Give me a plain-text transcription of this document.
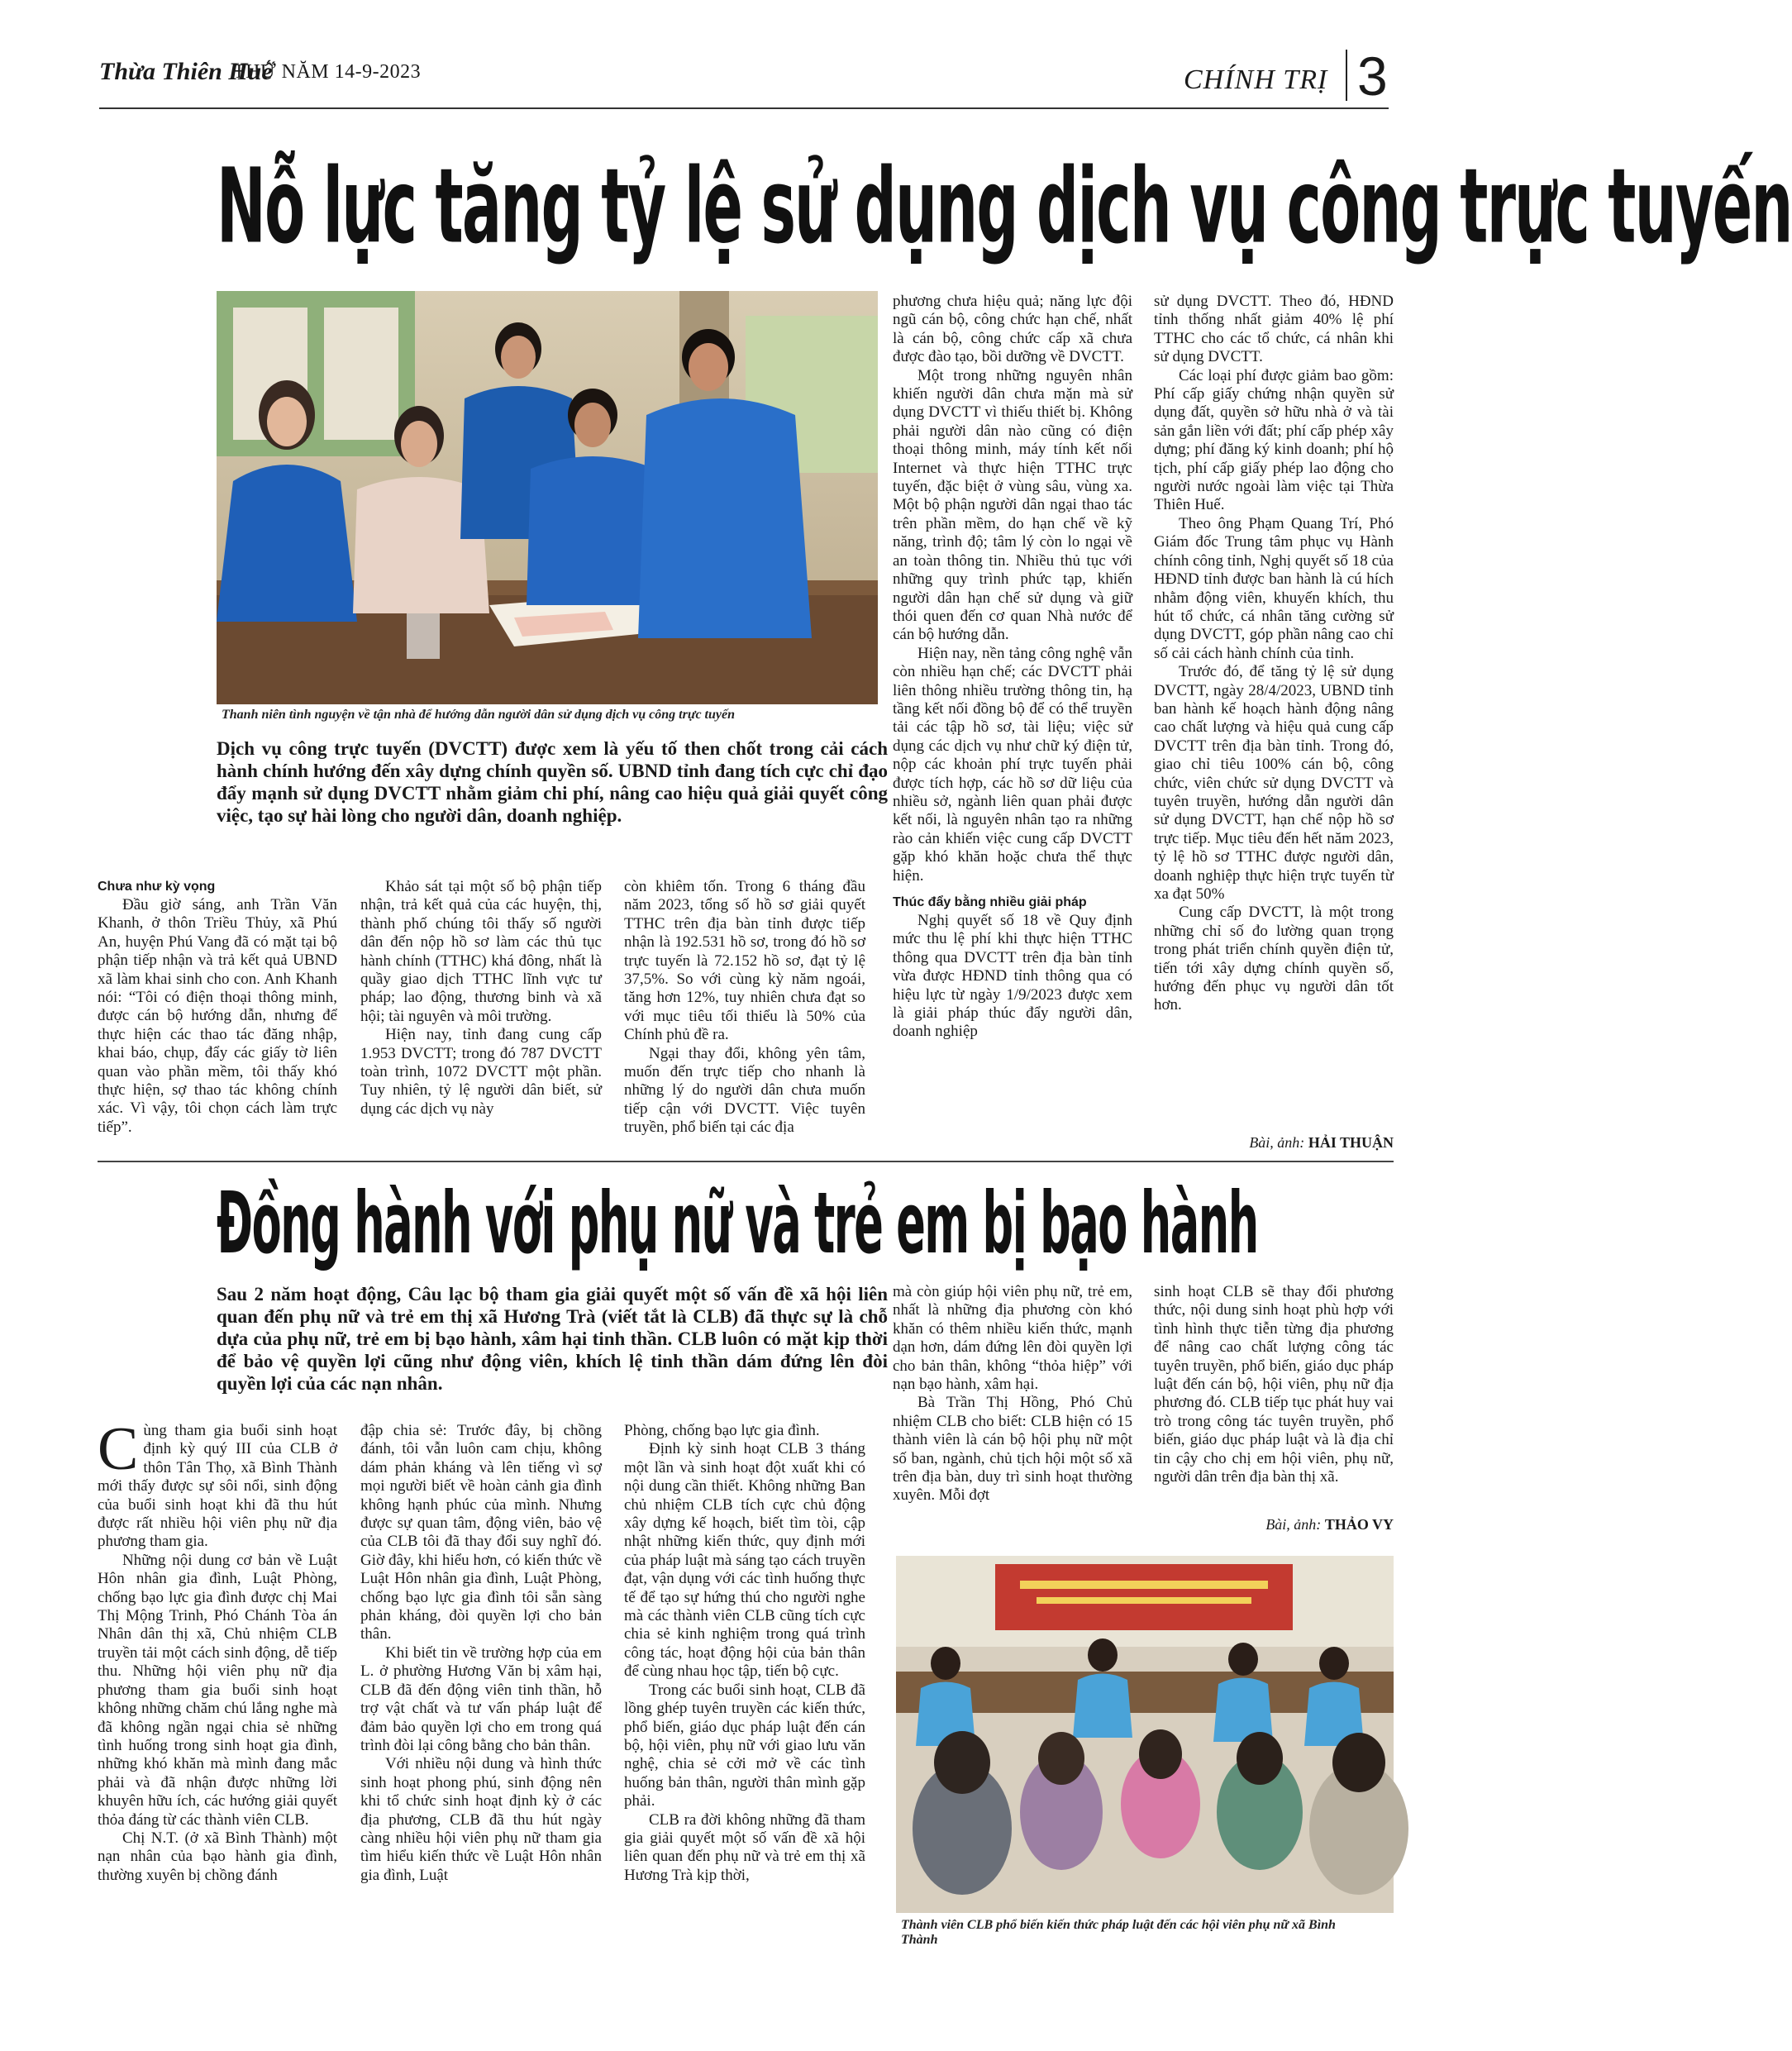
Thừa Thiên Huế
THỨ NĂM 14-9-2023	CHÍNH TRỊ 3
Nỗ lực tăng tỷ lệ sử dụng dịch vụ công trực tuyến
Thanh niên tình nguyện về tận nhà để hướng dẫn người dân sử dụng dịch vụ công trực tuyến
Dịch vụ công trực tuyến (DVCTT) được xem là yếu tố then chốt trong cải cách hành chính hướng đến xây dựng chính quyền số. UBND tỉnh đang tích cực chỉ đạo đẩy mạnh sử dụng DVCTT nhằm giảm chi phí, nâng cao hiệu quả giải quyết công việc, tạo sự hài lòng cho người dân, doanh nghiệp.

Chưa như kỳ vọng

Đầu giờ sáng, anh Trần Văn Khanh, ở thôn Triều Thủy, xã Phú An, huyện Phú Vang đã có mặt tại bộ phận tiếp nhận và trả kết quả UBND xã làm khai sinh cho con. Anh Khanh nói: “Tôi có điện thoại thông minh, được cán bộ hướng dẫn, nhưng để thực hiện các thao tác đăng nhập, khai báo, chụp, đẩy các giấy tờ liên quan vào phần mềm, tôi thấy khó thực hiện, sợ thao tác không chính xác. Vì vậy, tôi chọn cách làm trực tiếp”.

Khảo sát tại một số bộ phận tiếp nhận, trả kết quả của các huyện, thị, thành phố chúng tôi thấy số người dân đến nộp hồ sơ làm các thủ tục hành chính (TTHC) khá đông, nhất là quầy giao dịch TTHC lĩnh vực tư pháp; lao động, thương binh và xã hội; tài nguyên và môi trường.

Hiện nay, tỉnh đang cung cấp 1.953 DVCTT; trong đó 787 DVCTT toàn trình, 1072 DVCTT một phần. Tuy nhiên, tỷ lệ người dân biết, sử dụng các dịch vụ này

còn khiêm tốn. Trong 6 tháng đầu năm 2023, tổng số hồ sơ giải quyết TTHC trên địa bàn tỉnh được tiếp nhận là 192.531 hồ sơ, trong đó hồ sơ trực tuyến là 72.152 hồ sơ, đạt tỷ lệ 37,5%. So với cùng kỳ năm ngoái, tăng hơn 12%, tuy nhiên chưa đạt so với mục tiêu tối thiểu là 50% của Chính phủ đề ra.

Ngại thay đổi, không yên tâm, muốn đến trực tiếp cho nhanh là những lý do người dân chưa muốn tiếp cận với DVCTT. Việc tuyên truyền, phổ biến tại các địa

phương chưa hiệu quả; năng lực đội ngũ cán bộ, công chức hạn chế, nhất là cán bộ, công chức cấp xã chưa được đào tạo, bồi dưỡng về DVCTT.

Một trong những nguyên nhân khiến người dân chưa mặn mà sử dụng DVCTT vì thiếu thiết bị. Không phải người dân nào cũng có điện thoại thông minh, máy tính kết nối Internet và thực hiện TTHC trực tuyến, đặc biệt ở vùng sâu, vùng xa. Một bộ phận người dân ngại thao tác trên phần mềm, do hạn chế về kỹ năng, trình độ; tâm lý còn lo ngại về an toàn thông tin. Nhiều thủ tục với những quy trình phức tạp, khiến người dân hạn chế sử dụng và giữ thói quen đến cơ quan Nhà nước để cán bộ hướng dẫn.

Hiện nay, nền tảng công nghệ vẫn còn nhiều hạn chế; các DVCTT phải liên thông nhiều trường thông tin, hạ tầng kết nối đồng bộ để có thể truyền tải các tập hồ sơ, tài liệu; việc sử dụng các dịch vụ như chữ ký điện tử, nộp các khoản phí trực tuyến phải được tích hợp, các hồ sơ dữ liệu của nhiều sở, ngành liên quan phải được kết nối, là nguyên nhân tạo ra những rào cản khiến việc cung cấp DVCTT gặp khó khăn hoặc chưa thể thực hiện.

Thúc đẩy bằng nhiều giải pháp

Nghị quyết số 18 về Quy định mức thu lệ phí khi thực hiện TTHC thông qua DVCTT trên địa bàn tỉnh vừa được HĐND tỉnh thông qua có hiệu lực từ ngày 1/9/2023 được xem là giải pháp thúc đẩy người dân, doanh nghiệp

sử dụng DVCTT. Theo đó, HĐND tỉnh thống nhất giảm 40% lệ phí TTHC cho các tổ chức, cá nhân khi sử dụng DVCTT.

Các loại phí được giảm bao gồm: Phí cấp giấy chứng nhận quyền sử dụng đất, quyền sở hữu nhà ở và tài sản gắn liền với đất; phí cấp phép xây dựng; phí đăng ký kinh doanh; phí hộ tịch, phí cấp giấy phép lao động cho người nước ngoài làm việc tại Thừa Thiên Huế.

Theo ông Phạm Quang Trí, Phó Giám đốc Trung tâm phục vụ Hành chính công tỉnh, Nghị quyết số 18 của HĐND tỉnh được ban hành là cú hích nhằm động viên, khuyến khích, thu hút tổ chức, cá nhân tăng cường sử dụng DVCTT, góp phần nâng cao chỉ số cải cách hành chính của tỉnh.

Trước đó, để tăng tỷ lệ sử dụng DVCTT, ngày 28/4/2023, UBND tỉnh ban hành kế hoạch hành động nâng cao chất lượng và hiệu quả cung cấp DVCTT trên địa bàn tỉnh. Trong đó, giao chỉ tiêu 100% cán bộ, công chức, viên chức sử dụng DVCTT và tuyên truyền, hướng dẫn người dân sử dụng DVCTT, hạn chế nộp hồ sơ trực tiếp. Mục tiêu đến hết năm 2023, tỷ lệ hồ sơ TTHC được người dân, doanh nghiệp thực hiện trực tuyến từ xa đạt 50%

Cung cấp DVCTT, là một trong những chỉ số đo lường quan trọng trong phát triển chính quyền điện tử, tiến tới xây dựng chính quyền số, hướng đến phục vụ người dân tốt hơn.

Bài, ảnh: HẢI THUẬN
Đồng hành với phụ nữ và trẻ em bị bạo hành
Sau 2 năm hoạt động, Câu lạc bộ tham gia giải quyết một số vấn đề xã hội liên quan đến phụ nữ và trẻ em thị xã Hương Trà (viết tắt là CLB) đã thực sự là chỗ dựa của phụ nữ, trẻ em bị bạo hành, xâm hại tinh thần. CLB luôn có mặt kịp thời để bảo vệ quyền lợi cũng như động viên, khích lệ tinh thần dám đứng lên đòi quyền lợi của các nạn nhân.

Cùng tham gia buổi sinh hoạt định kỳ quý III của CLB ở thôn Tân Thọ, xã Bình Thành mới thấy được sự sôi nổi, sinh động của buổi sinh hoạt khi đã thu hút được rất nhiều hội viên phụ nữ địa phương tham gia.

Những nội dung cơ bản về Luật Hôn nhân gia đình, Luật Phòng, chống bạo lực gia đình được chị Mai Thị Mộng Trinh, Phó Chánh Tòa án Nhân dân thị xã, Chủ nhiệm CLB truyền tải một cách sinh động, dễ tiếp thu. Những hội viên phụ nữ địa phương tham gia buổi sinh hoạt không những chăm chú lắng nghe mà đã không ngần ngại chia sẻ những tình huống trong sinh hoạt gia đình, những khó khăn mà mình đang mắc phải và đã nhận được những lời khuyên hữu ích, các hướng giải quyết thỏa đáng từ các thành viên CLB.

Chị N.T. (ở xã Bình Thành) một nạn nhân của bạo hành gia đình, thường xuyên bị chồng đánh

đập chia sẻ: Trước đây, bị chồng đánh, tôi vẫn luôn cam chịu, không dám phản kháng và lên tiếng vì sợ mọi người biết về hoàn cảnh gia đình không hạnh phúc của mình. Nhưng được sự quan tâm, động viên, bảo vệ của CLB tôi đã thay đổi suy nghĩ đó. Giờ đây, khi hiểu hơn, có kiến thức về Luật Hôn nhân gia đình, Luật Phòng, chống bạo lực gia đình tôi sẵn sàng phản kháng, đòi quyền lợi cho bản thân.

Khi biết tin về trường hợp của em L. ở phường Hương Văn bị xâm hại, CLB đã đến động viên tinh thần, hỗ trợ vật chất và tư vấn pháp luật để đảm bảo quyền lợi cho em trong quá trình đòi lại công bằng cho bản thân.

Với nhiều nội dung và hình thức sinh hoạt phong phú, sinh động nên khi tổ chức sinh hoạt định kỳ ở các địa phương, CLB đã thu hút ngày càng nhiều hội viên phụ nữ tham gia tìm hiểu kiến thức về Luật Hôn nhân gia đình, Luật

Phòng, chống bạo lực gia đình.

Định kỳ sinh hoạt CLB 3 tháng một lần và sinh hoạt đột xuất khi có nội dung cần thiết. Không những Ban chủ nhiệm CLB tích cực chủ động xây dựng kế hoạch, biết tìm tòi, cập nhật những kiến thức, quy định mới của pháp luật mà sáng tạo cách truyền đạt, vận dụng với các tình huống thực tế để tạo sự hứng thú cho người nghe mà các thành viên CLB cũng tích cực chia sẻ kinh nghiệm trong quá trình công tác, hoạt động hội của bản thân để cùng nhau học tập, tiến bộ cực.

Trong các buổi sinh hoạt, CLB đã lồng ghép tuyên truyền các kiến thức, phổ biến, giáo dục pháp luật đến cán bộ, hội viên, phụ nữ với giao lưu văn nghệ, chia sẻ cởi mở về các tình huống bản thân, người thân mình gặp phải.

CLB ra đời không những đã tham gia giải quyết một số vấn đề xã hội liên quan đến phụ nữ và trẻ em thị xã Hương Trà kịp thời,

mà còn giúp hội viên phụ nữ, trẻ em, nhất là những địa phương còn khó khăn có thêm nhiều kiến thức, mạnh dạn hơn, dám đứng lên đòi quyền lợi cho bản thân, không “thỏa hiệp” với nạn bạo hành, xâm hại.

Bà Trần Thị Hồng, Phó Chủ nhiệm CLB cho biết: CLB hiện có 15 thành viên là cán bộ hội phụ nữ một số ban, ngành, chủ tịch hội một số xã trên địa bàn, duy trì sinh hoạt thường xuyên. Mỗi đợt

sinh hoạt CLB sẽ thay đổi phương thức, nội dung sinh hoạt phù hợp với tình hình thực tiễn từng địa phương để nâng cao chất lượng công tác tuyên truyền, phổ biến, giáo dục pháp luật đến cán bộ, hội viên, phụ nữ địa phương đó. CLB tiếp tục phát huy vai trò trong công tác tuyên truyền, phổ biến, giáo dục pháp luật và là địa chỉ tin cậy cho chị em hội viên, phụ nữ, người dân trên địa bàn thị xã.

Bài, ảnh: THẢO VY
Thành viên CLB phổ biến kiến thức pháp luật đến các hội viên phụ nữ xã Bình Thành
